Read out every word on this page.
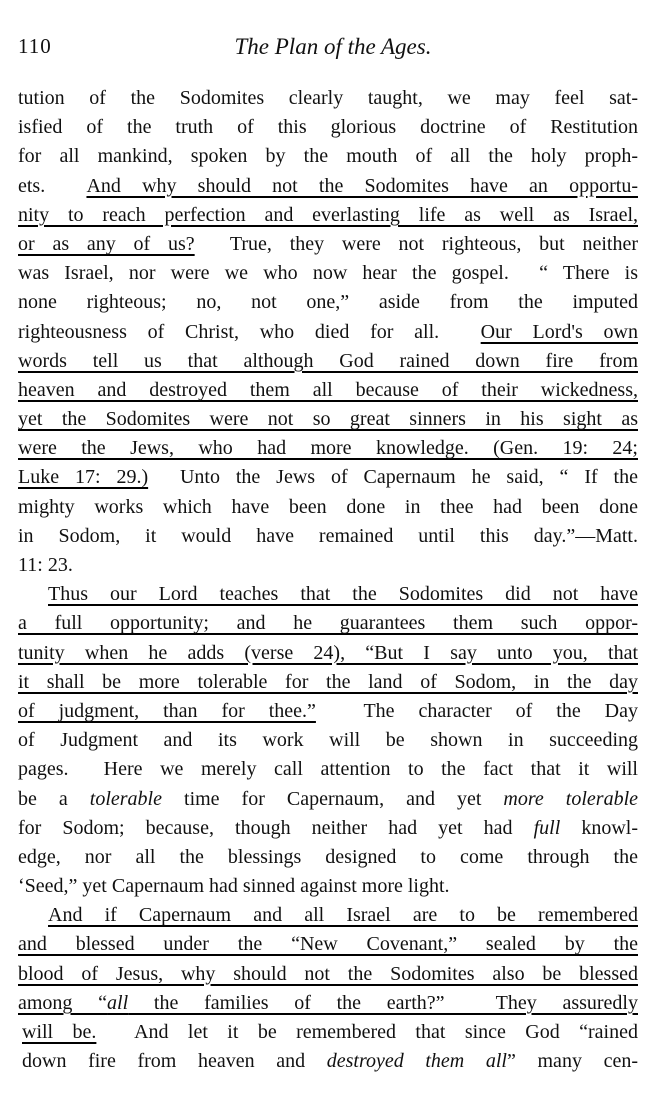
110	The Plan of the Ages.
tution of the Sodomites clearly taught, we may feel sat-
isfied of the truth of this glorious doctrine of Restitution
for all mankind, spoken by the mouth of all the holy proph-
ets.  And why should not the Sodomites have an opportu-
nity to reach perfection and everlasting life as well as Israel,
or as any of us?  True, they were not righteous, but neither
was Israel, nor were we who now hear the gospel.  “ There is
none righteous; no, not one,” aside from the imputed
righteousness of Christ, who died for all.  Our Lord's own
words tell us that although God rained down fire from
heaven and destroyed them all because of their wickedness,
yet the Sodomites were not so great sinners in his sight as
were the Jews, who had more knowledge. (Gen. 19: 24;
Luke 17: 29.)  Unto the Jews of Capernaum he said, “ If the
mighty works which have been done in thee had been done
in Sodom, it would have remained until this day.”—Matt.
11: 23.
Thus our Lord teaches that the Sodomites did not have
a full opportunity; and he guarantees them such oppor-
tunity when he adds (verse 24), “But I say unto you, that
it shall be more tolerable for the land of Sodom, in the day
of judgment, than for thee.”  The character of the Day
of Judgment and its work will be shown in succeeding
pages.  Here we merely call attention to the fact that it will
be a tolerable time for Capernaum, and yet more tolerable
for Sodom; because, though neither had yet had full knowl-
edge, nor all the blessings designed to come through the
‘Seed,” yet Capernaum had sinned against more light.
And if Capernaum and all Israel are to be remembered
and blessed under the “New Covenant,” sealed by the
blood of Jesus, why should not the Sodomites also be blessed
among “all the families of the earth?”  They assuredly
will be.  And let it be remembered that since God “rained
down fire from heaven and destroyed them all” many cen-
